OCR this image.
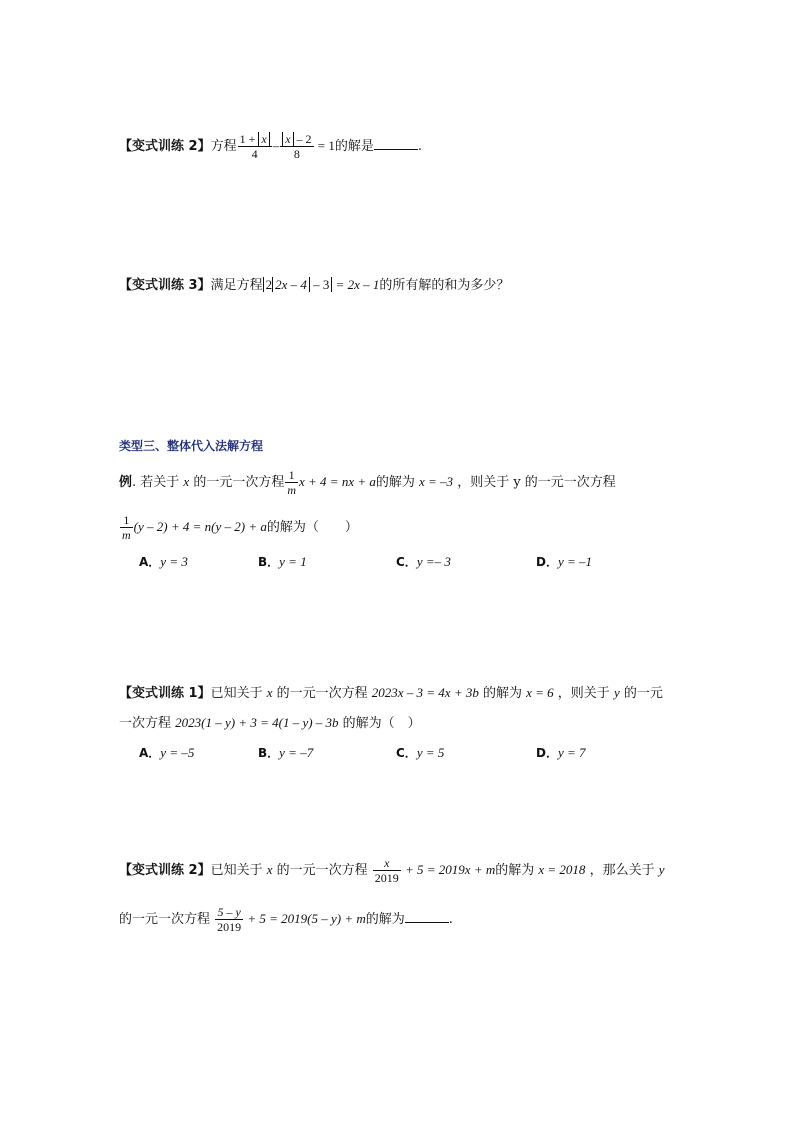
【变式训练 2】方程 $\frac{1 + x}{4} - \frac{x - 2}{8} = 1$的解是	.
【变式训练 3】满足方程 2 2x – 4 – 3 = 2x – 1的所有解的和为多少？
类型三、整体代入法解方程
例. 若关于 x 的一元一次方程 $\frac{1}{m}$ x + 4 = nx + a的解为 x = –3 ，则关于 y 的一元一次方程
$\frac{1}{m} (y - 2) + 4 = n(y - 2) + a$的解为（　　）
A．y = 3	B．y = 1	C．y =– 3	D．y = –1
【变式训练 1】已知关于 x 的一元一次方程 2023x – 3 = 4x + 3b 的解为 x = 6 ，则关于 y 的一元
一次方程 2023(1 – y) + 3 = 4(1 – y) – 3b 的解为（　）
A．y = –5	B．y = –7	C．y = 5	D．y = 7
【变式训练 2】已知关于 x 的一元一次方程 $\frac{x}{2019} + 5 = 2019x + m$的解为 x = 2018 ，那么关于 y
的一元一次方程 $\frac{5 - y}{2019} + 5 = 2019(5 - y) + m$的解为	.
